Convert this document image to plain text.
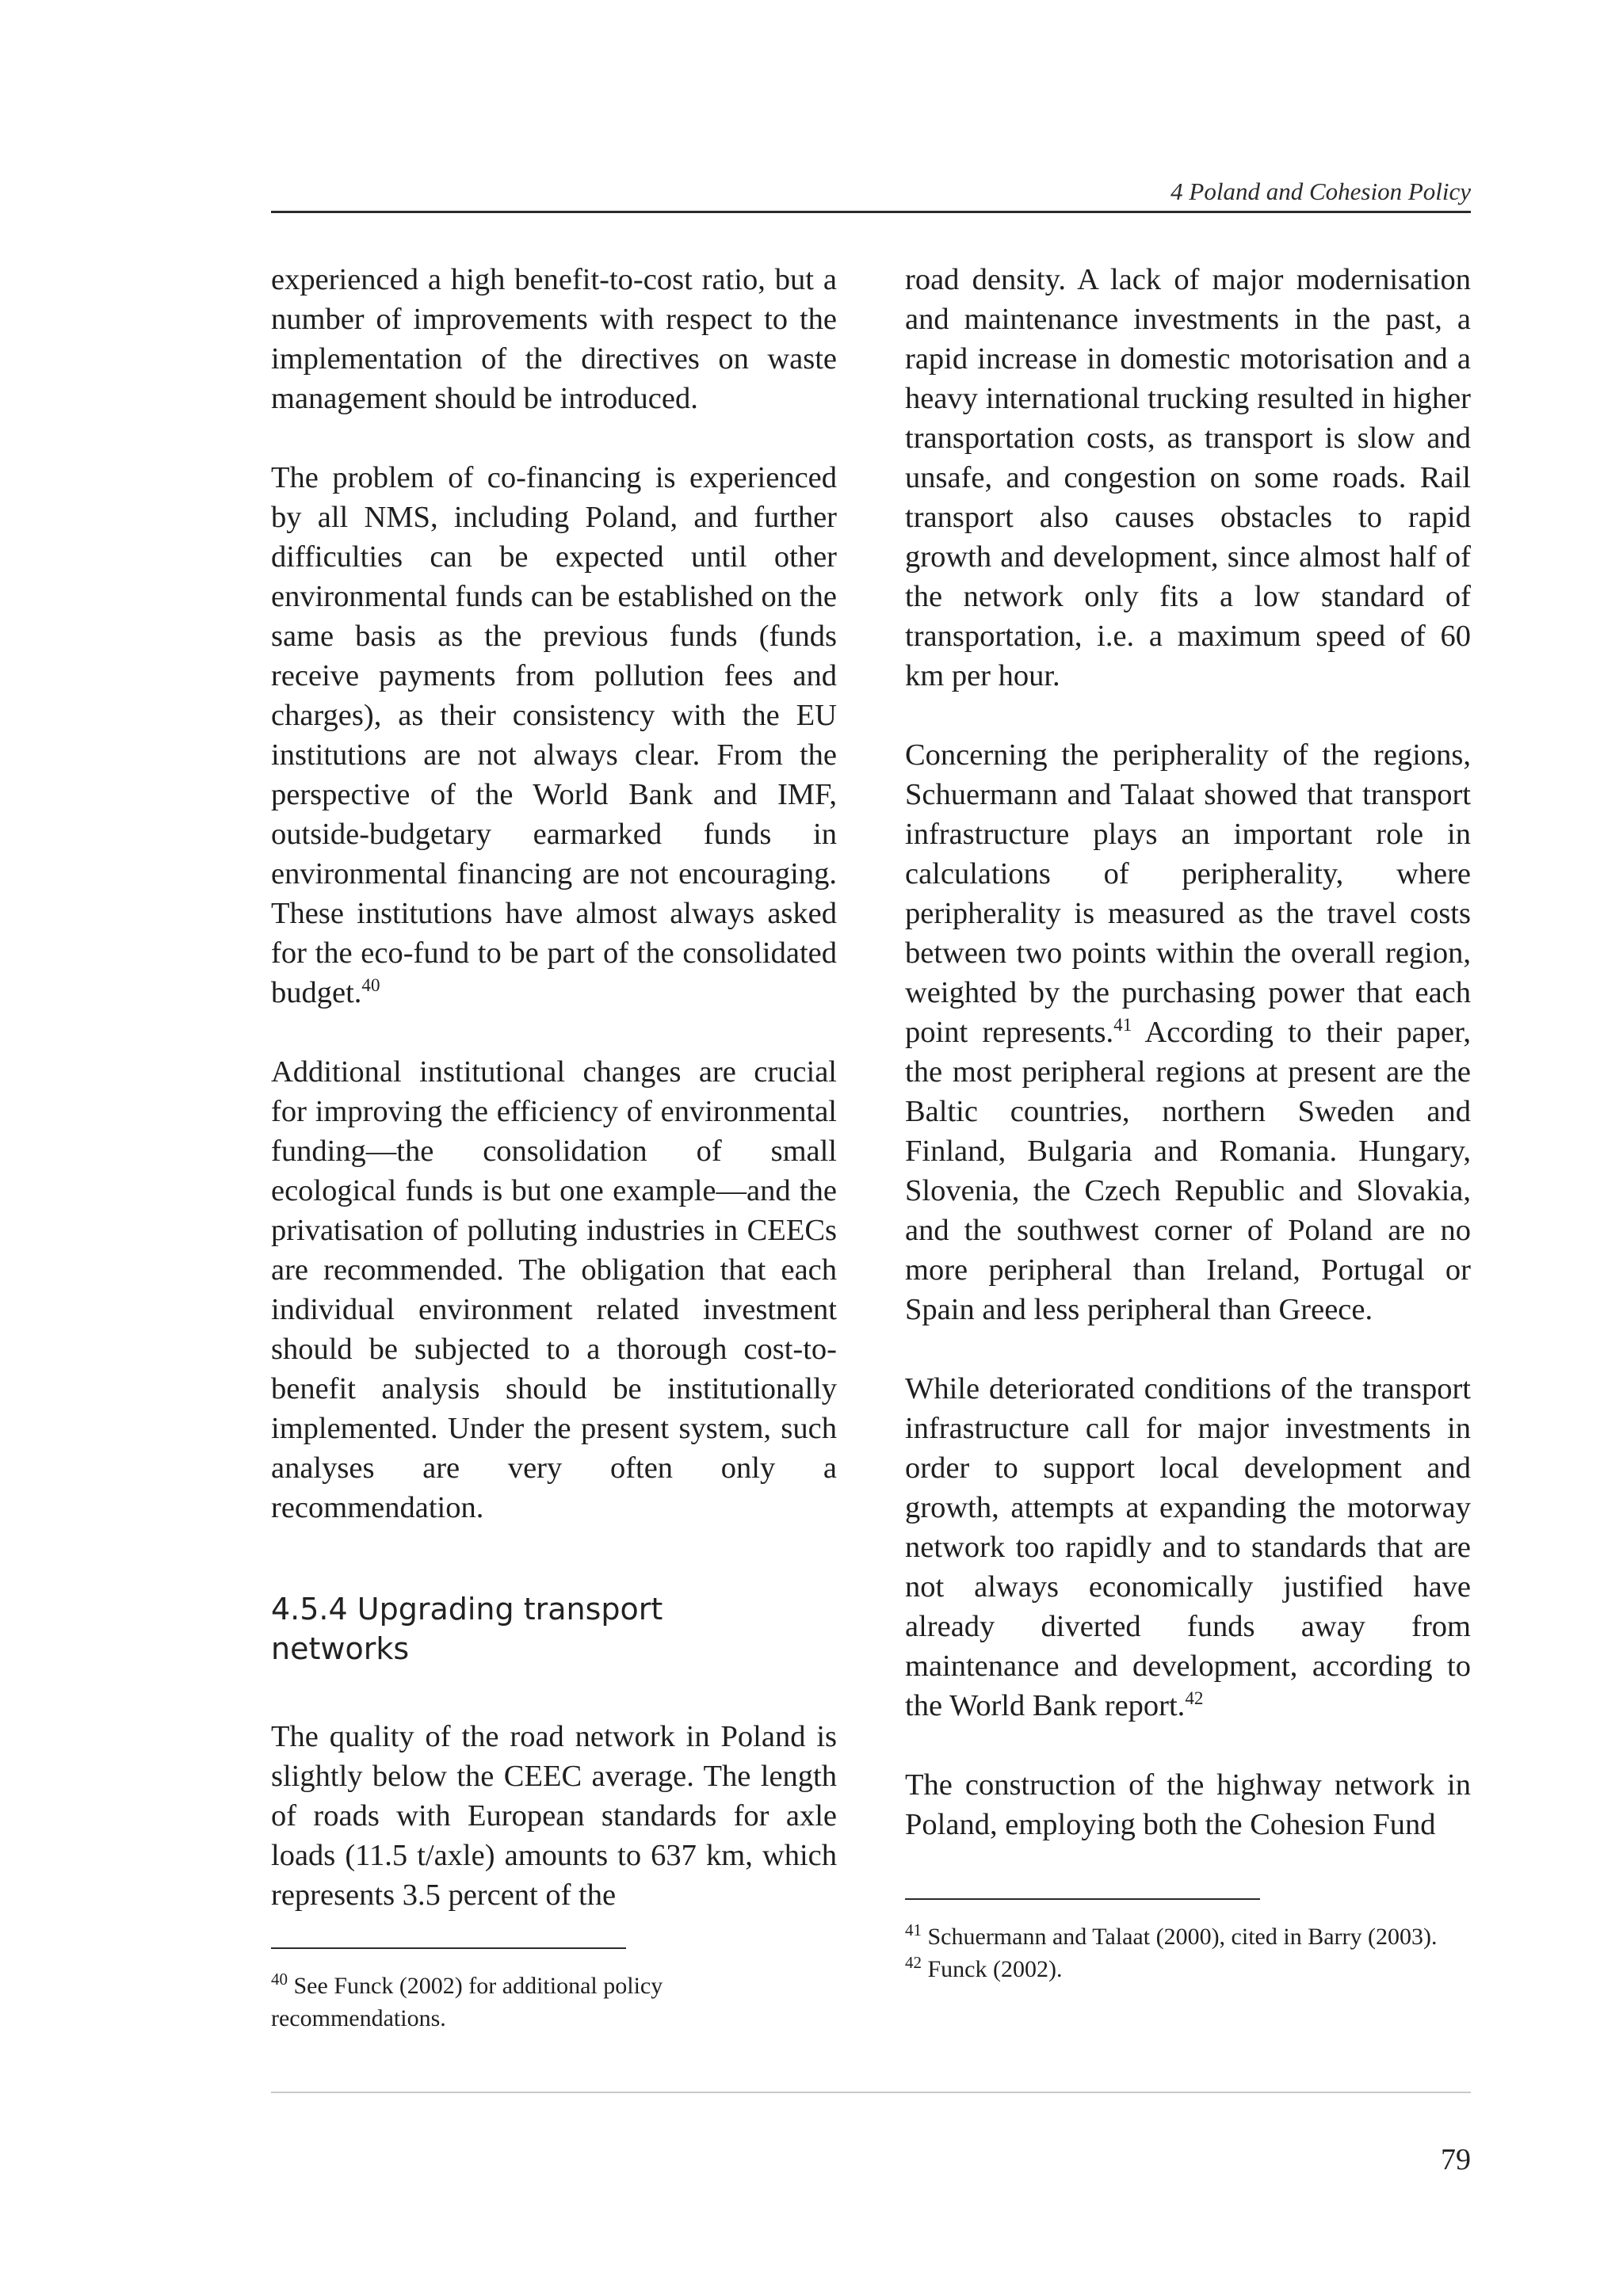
4 Poland and Cohesion Policy

experienced a high benefit-to-cost ratio, but a number of improvements with respect to the implementation of the directives on waste management should be introduced.

The problem of co-financing is experienced by all NMS, including Poland, and further difficulties can be expected until other environmental funds can be established on the same basis as the previous funds (funds receive payments from pollution fees and charges), as their consistency with the EU institutions are not always clear. From the perspective of the World Bank and IMF, outside-budgetary earmarked funds in environmental financing are not encouraging. These institutions have almost always asked for the eco-fund to be part of the consolidated budget.$^{40}$

Additional institutional changes are crucial for improving the efficiency of environmental funding—the consolidation of small ecological funds is but one example—and the privatisation of polluting industries in CEECs are recommended. The obligation that each individual environment related investment should be subjected to a thorough cost-to-benefit analysis should be institutionally implemented. Under the present system, such analyses are very often only a recommendation.

4.5.4 Upgrading transport networks

The quality of the road network in Poland is slightly below the CEEC average. The length of roads with European standards for axle loads (11.5 t/axle) amounts to 637 km, which represents 3.5 percent of the

road density. A lack of major modernisation and maintenance investments in the past, a rapid increase in domestic motorisation and a heavy international trucking resulted in higher transportation costs, as transport is slow and unsafe, and congestion on some roads. Rail transport also causes obstacles to rapid growth and development, since almost half of the network only fits a low standard of transportation, i.e. a maximum speed of 60 km per hour.

Concerning the peripherality of the regions, Schuermann and Talaat showed that transport infrastructure plays an important role in calculations of peripherality, where peripherality is measured as the travel costs between two points within the overall region, weighted by the purchasing power that each point represents.$^{41}$ According to their paper, the most peripheral regions at present are the Baltic countries, northern Sweden and Finland, Bulgaria and Romania. Hungary, Slovenia, the Czech Republic and Slovakia, and the southwest corner of Poland are no more peripheral than Ireland, Portugal or Spain and less peripheral than Greece.

While deteriorated conditions of the transport infrastructure call for major investments in order to support local development and growth, attempts at expanding the motorway network too rapidly and to standards that are not always economically justified have already diverted funds away from maintenance and development, according to the World Bank report.$^{42}$

The construction of the highway network in Poland, employing both the Cohesion Fund

$^{40}$ See Funck (2002) for additional policy recommendations.

$^{41}$ Schuermann and Talaat (2000), cited in Barry (2003).

$^{42}$ Funck (2002).

79
